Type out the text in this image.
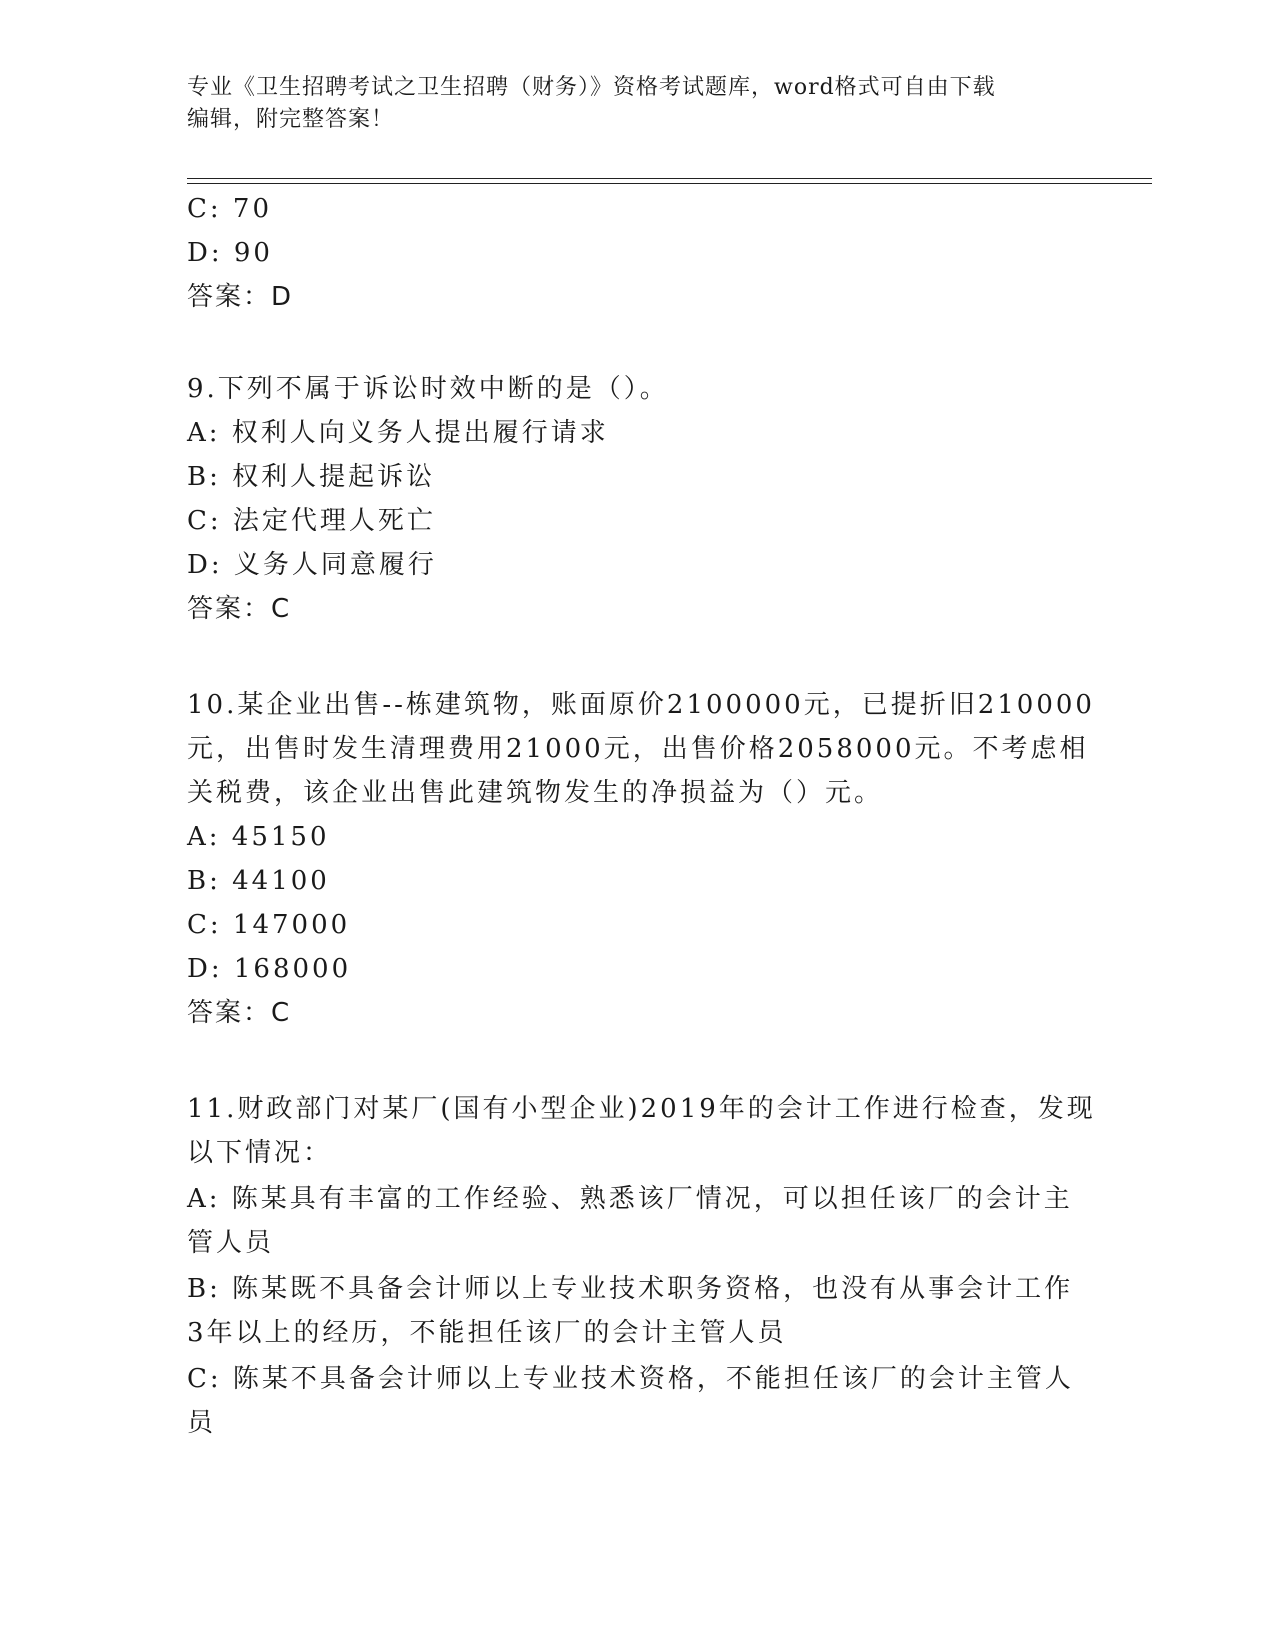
专业《卫生招聘考试之卫生招聘（财务）》资格考试题库，word格式可自由下载
编辑，附完整答案！
C: 70
D: 90
答案：D
9.下列不属于诉讼时效中断的是（）。
A: 权利人向义务人提出履行请求
B: 权利人提起诉讼
C: 法定代理人死亡
D: 义务人同意履行
答案：C
10.某企业出售--栋建筑物，账面原价2100000元，已提折旧210000
元，出售时发生清理费用21000元，出售价格2058000元。不考虑相
关税费，该企业出售此建筑物发生的净损益为（）元。
A: 45150
B: 44100
C: 147000
D: 168000
答案：C
11.财政部门对某厂(国有小型企业)2019年的会计工作进行检查，发现
以下情况：
A: 陈某具有丰富的工作经验、熟悉该厂情况，可以担任该厂的会计主
管人员
B: 陈某既不具备会计师以上专业技术职务资格，也没有从事会计工作
3年以上的经历，不能担任该厂的会计主管人员
C: 陈某不具备会计师以上专业技术资格，不能担任该厂的会计主管人
员
